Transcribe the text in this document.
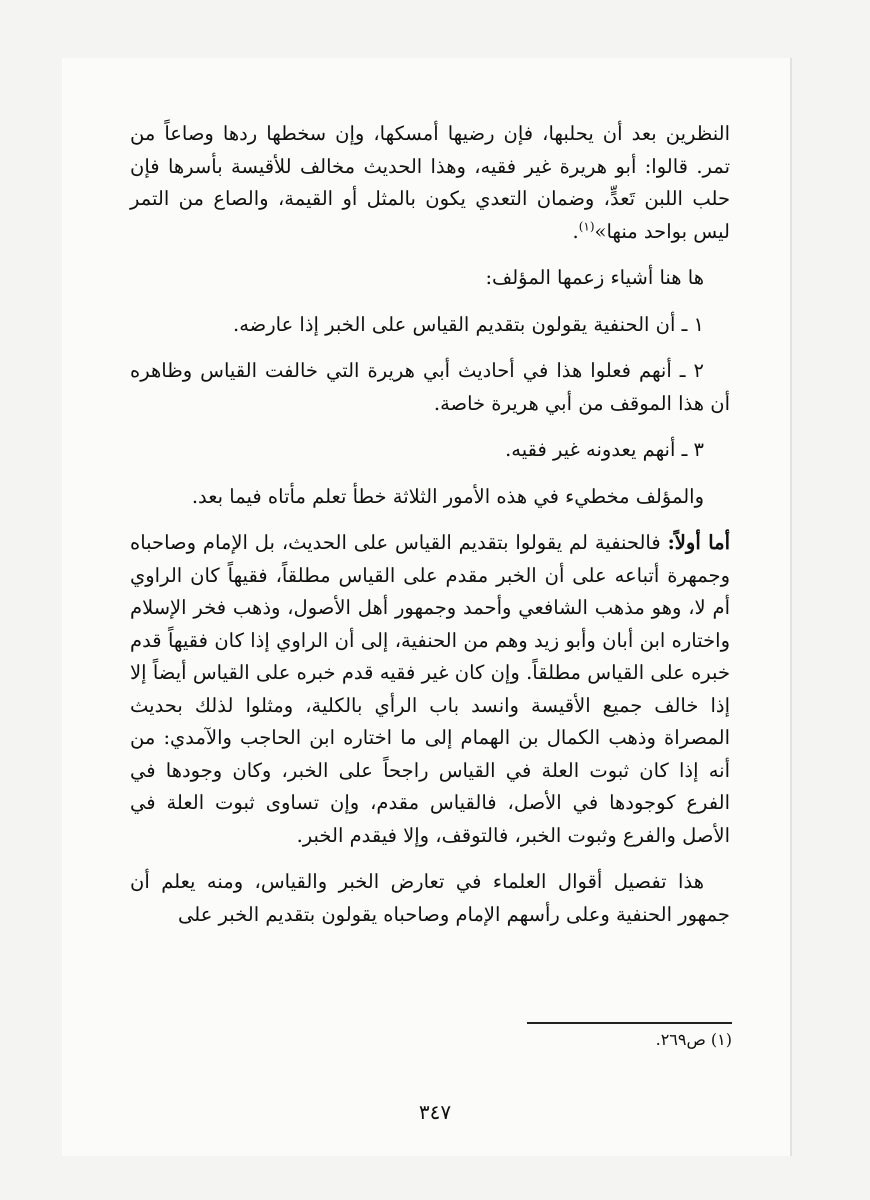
النظرين بعد أن يحلبها، فإن رضيها أمسكها، وإن سخطها ردها وصاعاً من تمر. قالوا: أبو هريرة غير فقيه، وهذا الحديث مخالف للأقيسة بأسرها فإن حلب اللبن تَعدٍّ، وضمان التعدي يكون بالمثل أو القيمة، والصاع من التمر ليس بواحد منها»$^{(١)}$.

ها هنا أشياء زعمها المؤلف:

١ ـ أن الحنفية يقولون بتقديم القياس على الخبر إذا عارضه.

٢ ـ أنهم فعلوا هذا في أحاديث أبي هريرة التي خالفت القياس وظاهره أن هذا الموقف من أبي هريرة خاصة.

٣ ـ أنهم يعدونه غير فقيه.

والمؤلف مخطيء في هذه الأمور الثلاثة خطأ تعلم مأتاه فيما بعد.

أما أولاً: فالحنفية لم يقولوا بتقديم القياس على الحديث، بل الإمام وصاحباه وجمهرة أتباعه على أن الخبر مقدم على القياس مطلقاً، فقيهاً كان الراوي أم لا، وهو مذهب الشافعي وأحمد وجمهور أهل الأصول، وذهب فخر الإسلام واختاره ابن أبان وأبو زيد وهم من الحنفية، إلى أن الراوي إذا كان فقيهاً قدم خبره على القياس مطلقاً. وإن كان غير فقيه قدم خبره على القياس أيضاً إلا إذا خالف جميع الأقيسة وانسد باب الرأي بالكلية، ومثلوا لذلك بحديث المصراة وذهب الكمال بن الهمام إلى ما اختاره ابن الحاجب والآمدي: من أنه إذا كان ثبوت العلة في القياس راجحاً على الخبر، وكان وجودها في الفرع كوجودها في الأصل، فالقياس مقدم، وإن تساوى ثبوت العلة في الأصل والفرع وثبوت الخبر، فالتوقف، وإلا فيقدم الخبر.

هذا تفصيل أقوال العلماء في تعارض الخبر والقياس، ومنه يعلم أن جمهور الحنفية وعلى رأسهم الإمام وصاحباه يقولون بتقديم الخبر على

(١) ص٢٦٩.
٣٤٧
